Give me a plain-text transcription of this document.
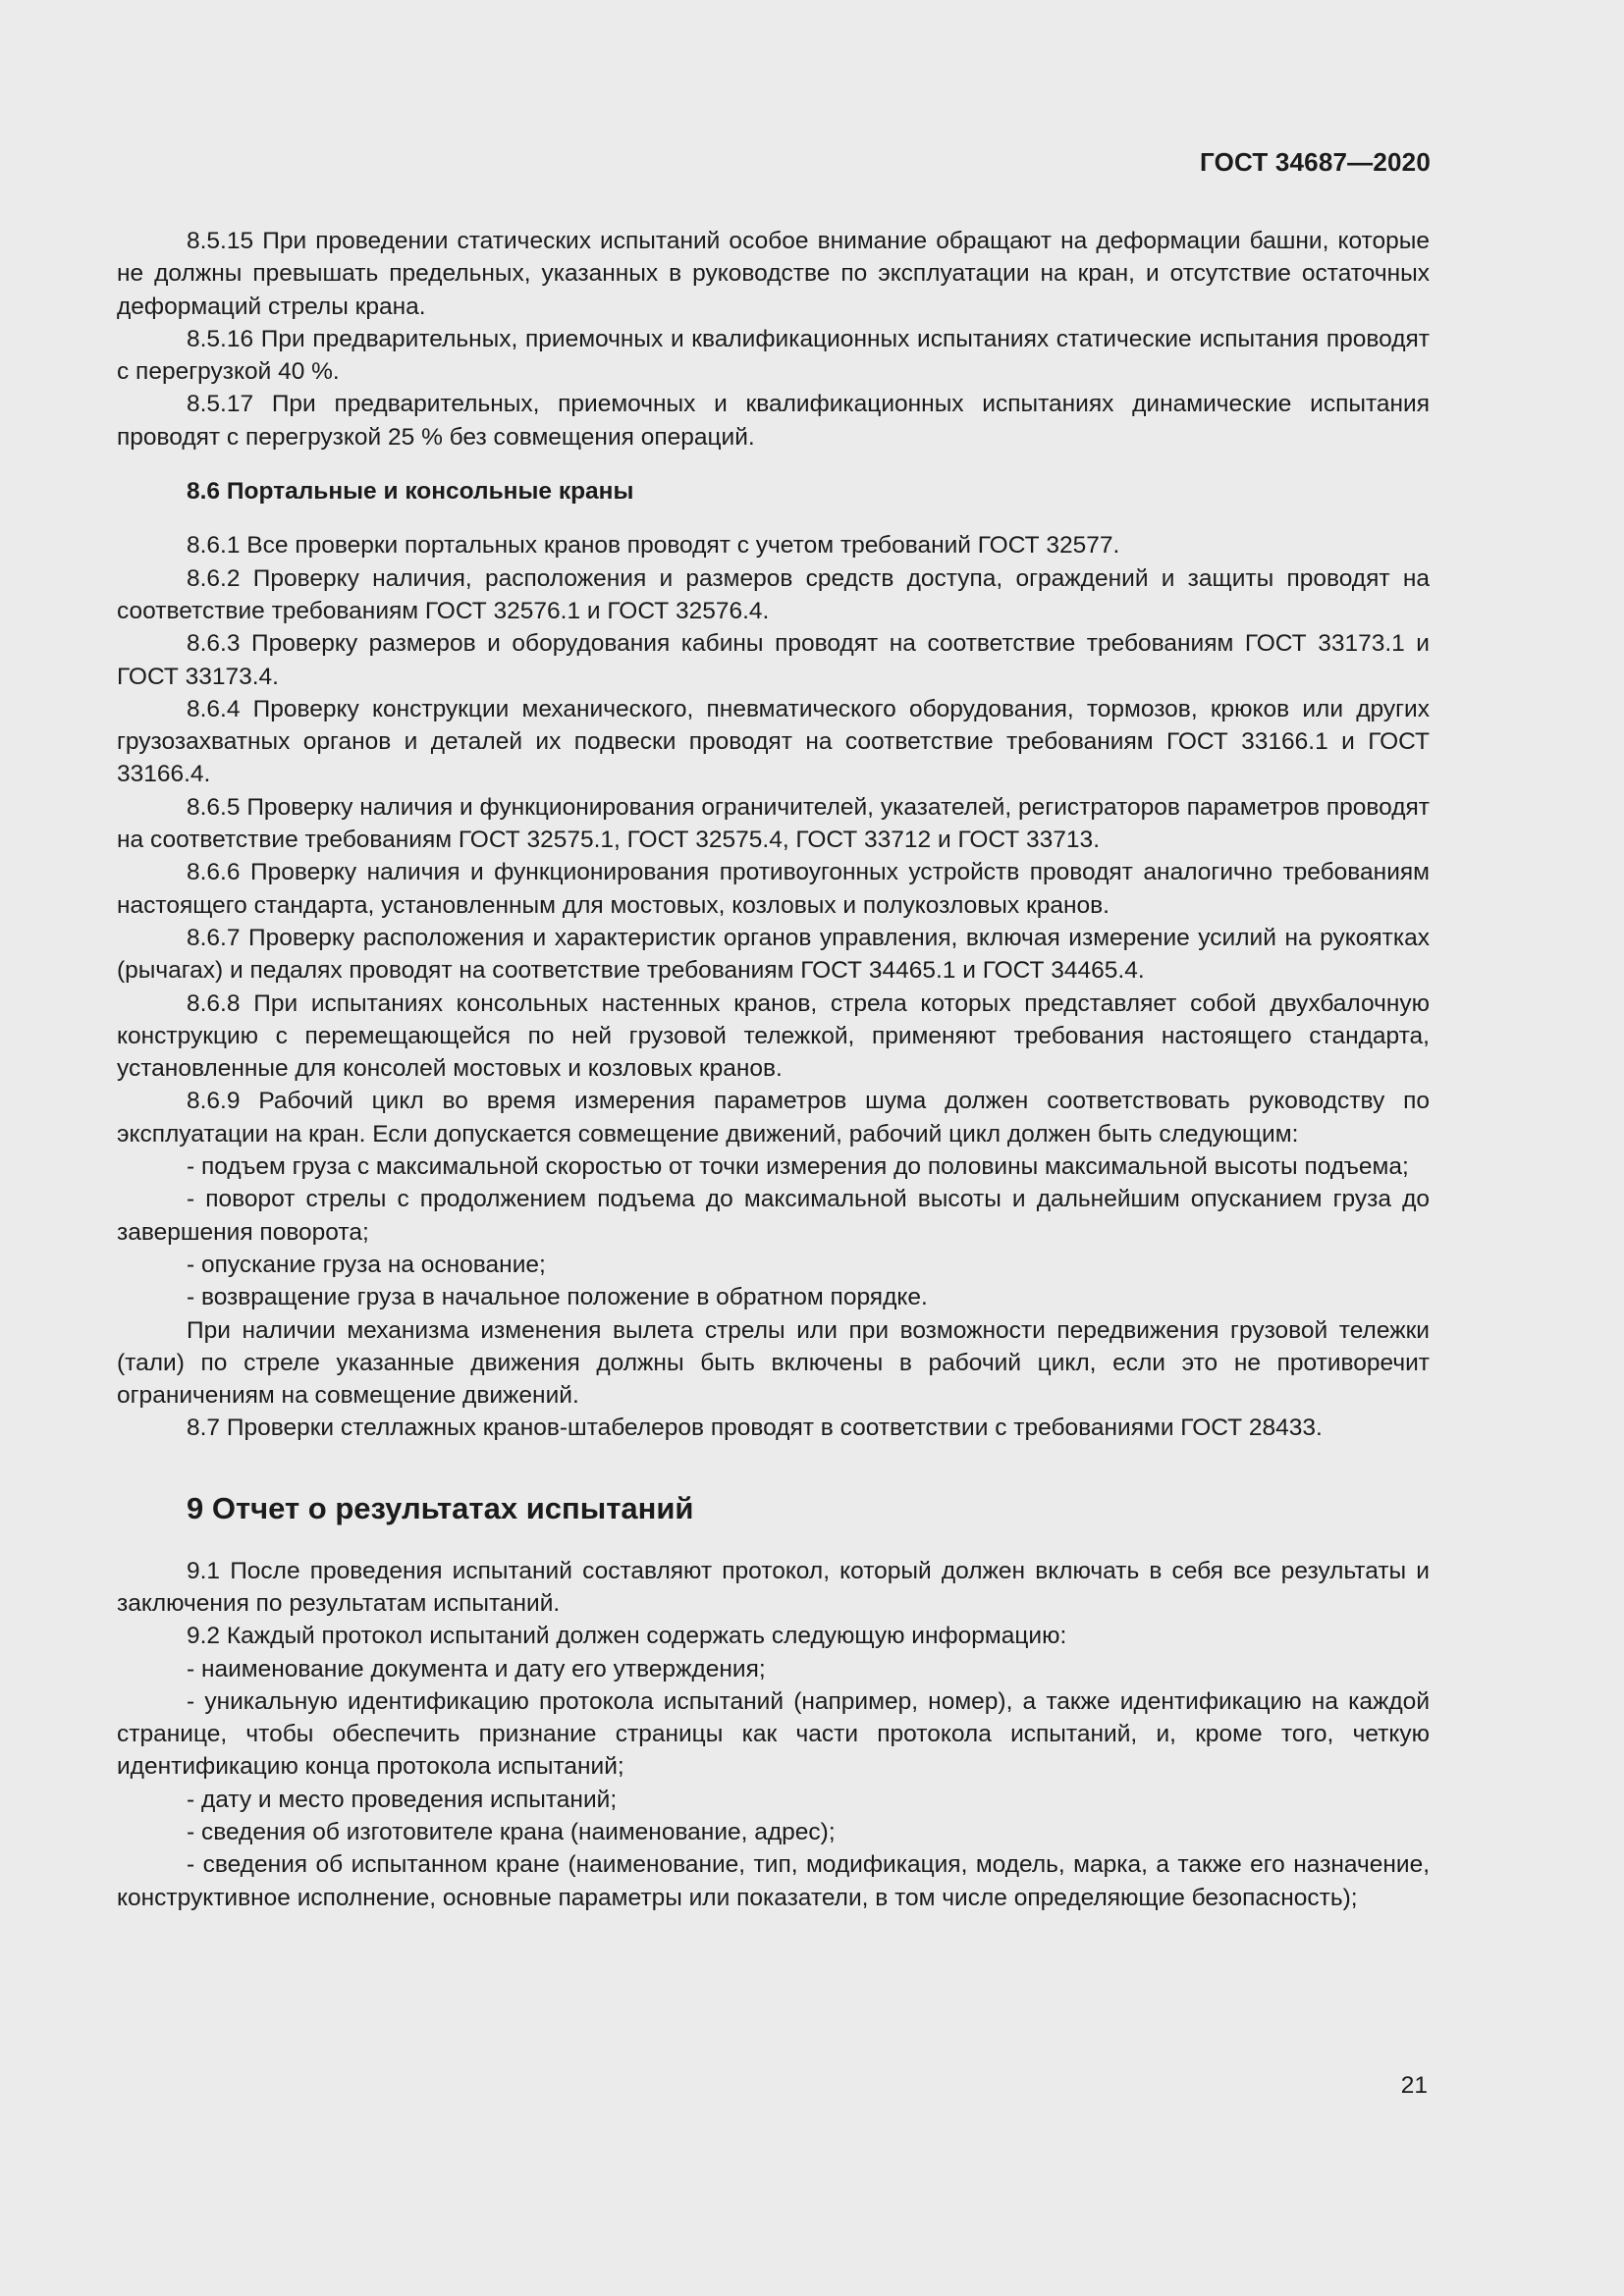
ГОСТ 34687—2020

8.5.15 При проведении статических испытаний особое внимание обращают на деформации башни, которые не должны превышать предельных, указанных в руководстве по эксплуатации на кран, и отсутствие остаточных деформаций стрелы крана.

8.5.16 При предварительных, приемочных и квалификационных испытаниях статические испытания проводят с перегрузкой 40 %.

8.5.17 При предварительных, приемочных и квалификационных испытаниях динамические испытания проводят с перегрузкой 25 % без совмещения операций.

8.6 Портальные и консольные краны

8.6.1 Все проверки портальных кранов проводят с учетом требований ГОСТ 32577.

8.6.2 Проверку наличия, расположения и размеров средств доступа, ограждений и защиты проводят на соответствие требованиям ГОСТ 32576.1 и ГОСТ 32576.4.

8.6.3 Проверку размеров и оборудования кабины проводят на соответствие требованиям ГОСТ 33173.1 и ГОСТ 33173.4.

8.6.4 Проверку конструкции механического, пневматического оборудования, тормозов, крюков или других грузозахватных органов и деталей их подвески проводят на соответствие требованиям ГОСТ 33166.1 и ГОСТ 33166.4.

8.6.5 Проверку наличия и функционирования ограничителей, указателей, регистраторов параметров проводят на соответствие требованиям ГОСТ 32575.1, ГОСТ 32575.4, ГОСТ 33712 и ГОСТ 33713.

8.6.6 Проверку наличия и функционирования противоугонных устройств проводят аналогично требованиям настоящего стандарта, установленным для мостовых, козловых и полукозловых кранов.

8.6.7 Проверку расположения и характеристик органов управления, включая измерение усилий на рукоятках (рычагах) и педалях проводят на соответствие требованиям ГОСТ 34465.1 и ГОСТ 34465.4.

8.6.8 При испытаниях консольных настенных кранов, стрела которых представляет собой двухбалочную конструкцию с перемещающейся по ней грузовой тележкой, применяют требования настоящего стандарта, установленные для консолей мостовых и козловых кранов.

8.6.9 Рабочий цикл во время измерения параметров шума должен соответствовать руководству по эксплуатации на кран. Если допускается совмещение движений, рабочий цикл должен быть следующим:

- подъем груза с максимальной скоростью от точки измерения до половины максимальной высоты подъема;

- поворот стрелы с продолжением подъема до максимальной высоты и дальнейшим опусканием груза до завершения поворота;

- опускание груза на основание;

- возвращение груза в начальное положение в обратном порядке.

При наличии механизма изменения вылета стрелы или при возможности передвижения грузовой тележки (тали) по стреле указанные движения должны быть включены в рабочий цикл, если это не противоречит ограничениям на совмещение движений.

8.7 Проверки стеллажных кранов-штабелеров проводят в соответствии с требованиями ГОСТ 28433.

9 Отчет о результатах испытаний

9.1 После проведения испытаний составляют протокол, который должен включать в себя все результаты и заключения по результатам испытаний.

9.2 Каждый протокол испытаний должен содержать следующую информацию:

- наименование документа и дату его утверждения;

- уникальную идентификацию протокола испытаний (например, номер), а также идентификацию на каждой странице, чтобы обеспечить признание страницы как части протокола испытаний, и, кроме того, четкую идентификацию конца протокола испытаний;

- дату и место проведения испытаний;

- сведения об изготовителе крана (наименование, адрес);

- сведения об испытанном кране (наименование, тип, модификация, модель, марка, а также его назначение, конструктивное исполнение, основные параметры или показатели, в том числе определяющие безопасность);

21
